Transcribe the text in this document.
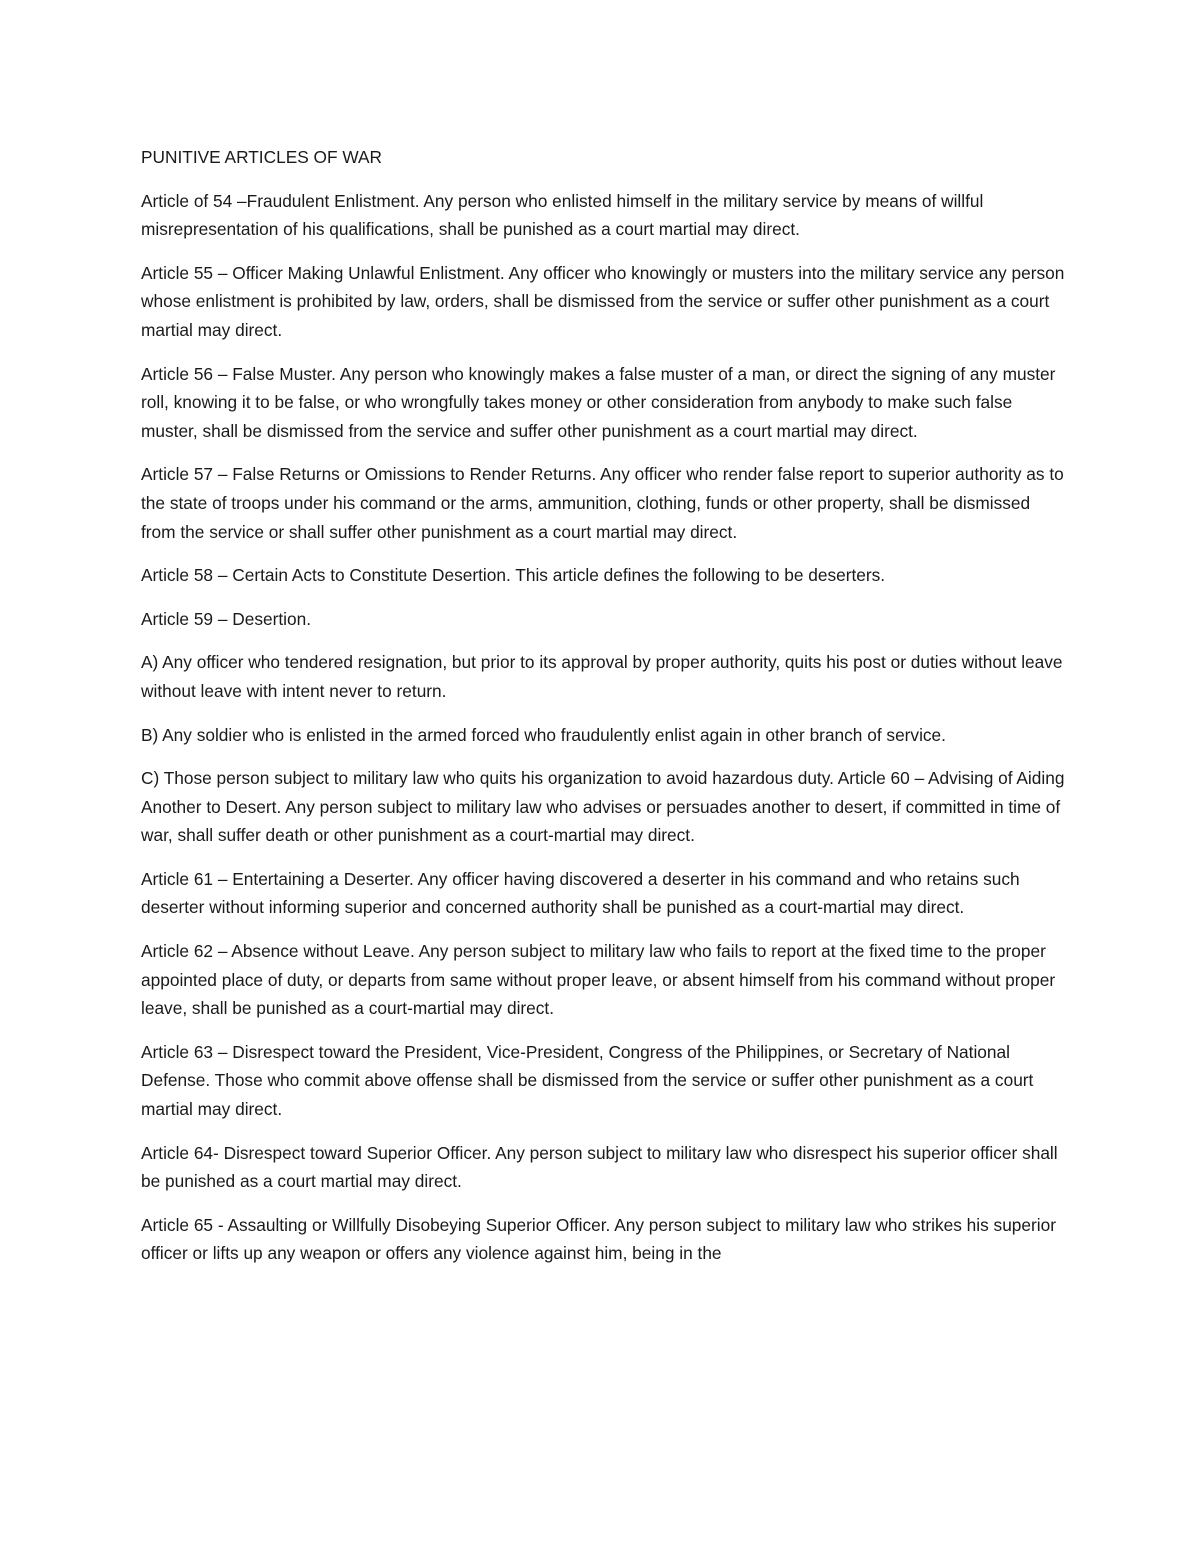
PUNITIVE ARTICLES OF WAR

Article of 54 –Fraudulent Enlistment. Any person who enlisted himself in the military service by means of willful misrepresentation of his qualifications, shall be punished as a court martial may direct.

Article 55 – Officer Making Unlawful Enlistment. Any officer who knowingly or musters into the military service any person whose enlistment is prohibited by law, orders, shall be dismissed from the service or suffer other punishment as a court martial may direct.

Article 56 – False Muster. Any person who knowingly makes a false muster of a man, or direct the signing of any muster roll, knowing it to be false, or who wrongfully takes money or other consideration from anybody to make such false muster, shall be dismissed from the service and suffer other punishment as a court martial may direct.

Article 57 – False Returns or Omissions to Render Returns. Any officer who render false report to superior authority as to the state of troops under his command or the arms, ammunition, clothing, funds or other property, shall be dismissed from the service or shall suffer other punishment as a court martial may direct.

Article 58 – Certain Acts to Constitute Desertion. This article defines the following to be deserters.

Article 59 – Desertion.

A) Any officer who tendered resignation, but prior to its approval by proper authority, quits his post or duties without leave without leave with intent never to return.

B) Any soldier who is enlisted in the armed forced who fraudulently enlist again in other branch of service.

C) Those person subject to military law who quits his organization to avoid hazardous duty. Article 60 – Advising of Aiding Another to Desert. Any person subject to military law who advises or persuades another to desert, if committed in time of war, shall suffer death or other punishment as a court-martial may direct.

Article 61 – Entertaining a Deserter. Any officer having discovered a deserter in his command and who retains such deserter without informing superior and concerned authority shall be punished as a court-martial may direct.

Article 62 – Absence without Leave. Any person subject to military law who fails to report at the fixed time to the proper appointed place of duty, or departs from same without proper leave, or absent himself from his command without proper leave, shall be punished as a court-martial may direct.

Article 63 – Disrespect toward the President, Vice-President, Congress of the Philippines, or Secretary of National Defense. Those who commit above offense shall be dismissed from the service or suffer other punishment as a court martial may direct.

Article 64- Disrespect toward Superior Officer. Any person subject to military law who disrespect his superior officer shall be punished as a court martial may direct.

Article 65 - Assaulting or Willfully Disobeying Superior Officer. Any person subject to military law who strikes his superior officer or lifts up any weapon or offers any violence against him, being in the
